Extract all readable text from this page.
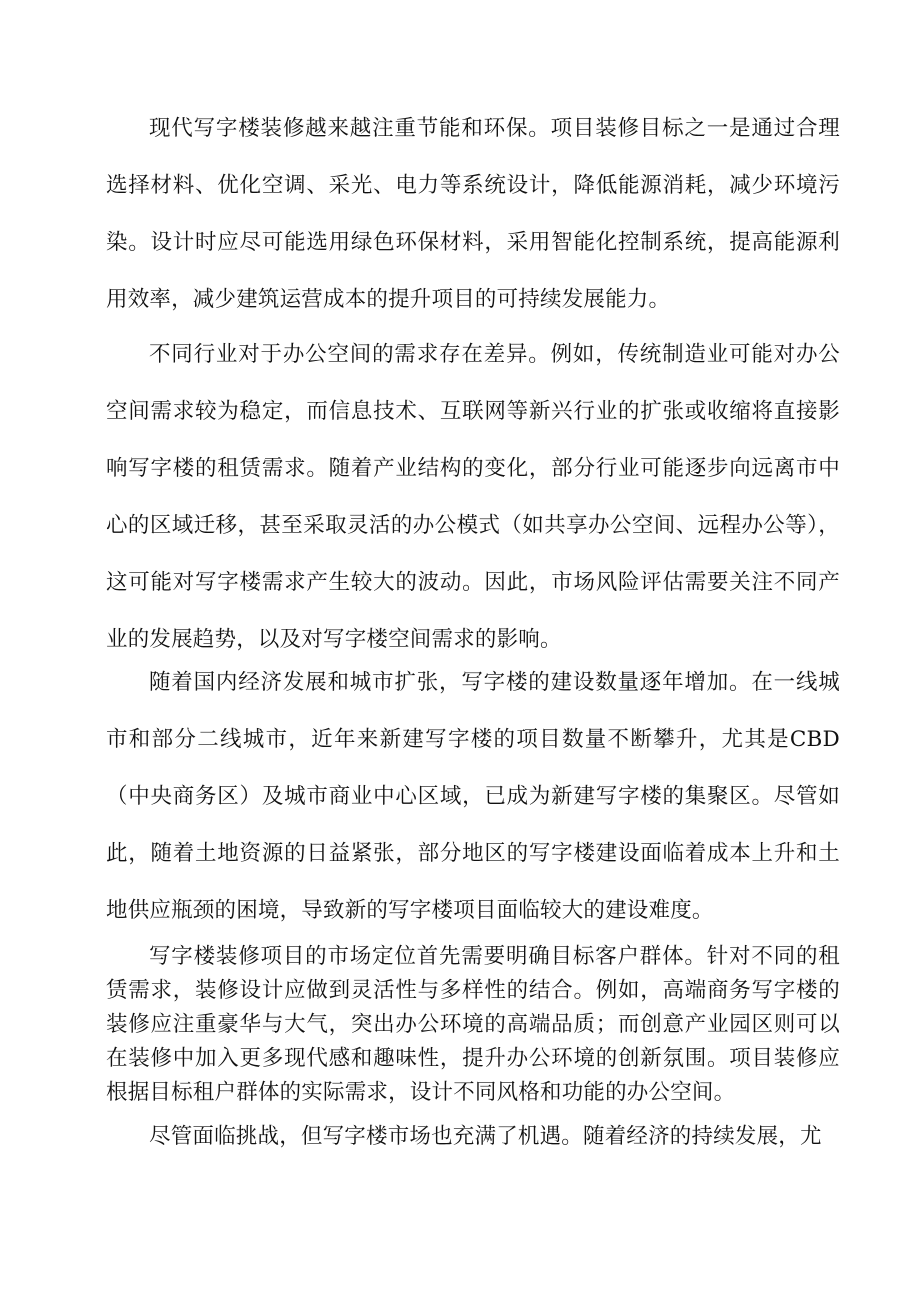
现代写字楼装修越来越注重节能和环保。项目装修目标之一是通过合理选择材料、优化空调、采光、电力等系统设计，降低能源消耗，减少环境污染。设计时应尽可能选用绿色环保材料，采用智能化控制系统，提高能源利用效率，减少建筑运营成本的提升项目的可持续发展能力。

不同行业对于办公空间的需求存在差异。例如，传统制造业可能对办公空间需求较为稳定，而信息技术、互联网等新兴行业的扩张或收缩将直接影响写字楼的租赁需求。随着产业结构的变化，部分行业可能逐步向远离市中心的区域迁移，甚至采取灵活的办公模式（如共享办公空间、远程办公等），这可能对写字楼需求产生较大的波动。因此，市场风险评估需要关注不同产业的发展趋势，以及对写字楼空间需求的影响。

随着国内经济发展和城市扩张，写字楼的建设数量逐年增加。在一线城市和部分二线城市，近年来新建写字楼的项目数量不断攀升，尤其是CBD（中央商务区）及城市商业中心区域，已成为新建写字楼的集聚区。尽管如此，随着土地资源的日益紧张，部分地区的写字楼建设面临着成本上升和土地供应瓶颈的困境，导致新的写字楼项目面临较大的建设难度。

写字楼装修项目的市场定位首先需要明确目标客户群体。针对不同的租赁需求，装修设计应做到灵活性与多样性的结合。例如，高端商务写字楼的装修应注重豪华与大气，突出办公环境的高端品质；而创意产业园区则可以在装修中加入更多现代感和趣味性，提升办公环境的创新氛围。项目装修应根据目标租户群体的实际需求，设计不同风格和功能的办公空间。

尽管面临挑战，但写字楼市场也充满了机遇。随着经济的持续发展，尤
